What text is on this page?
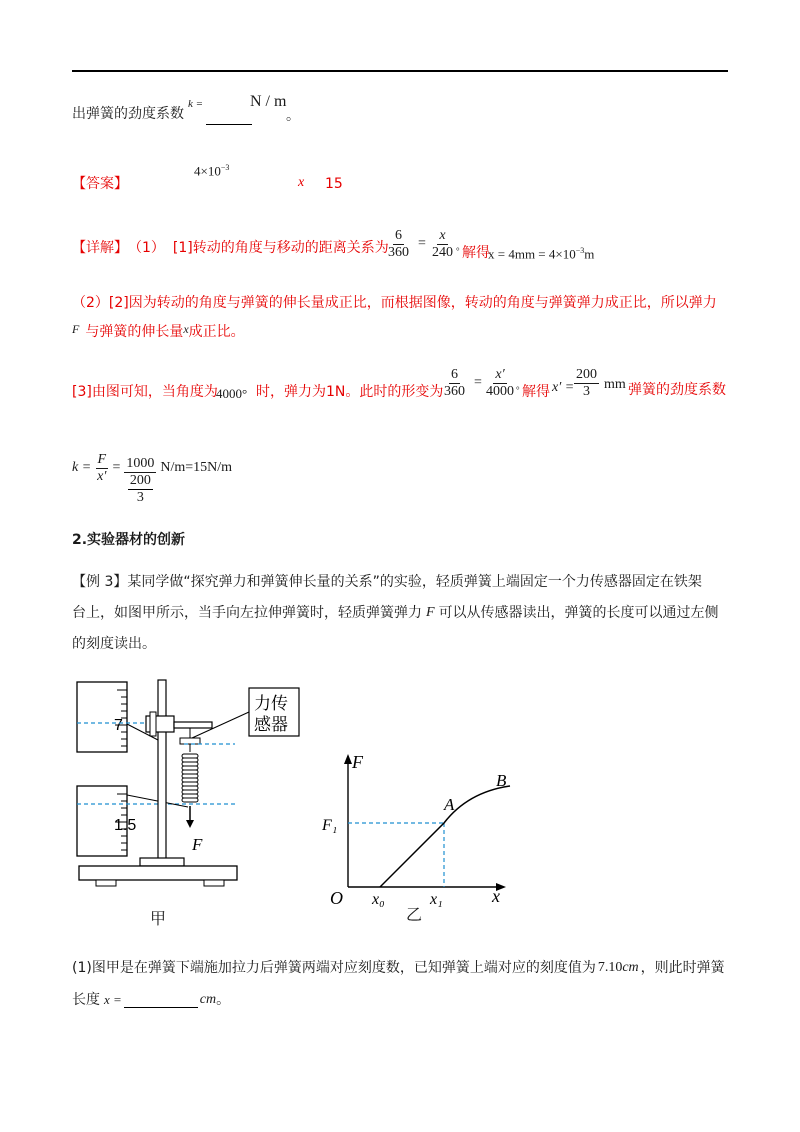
出弹簧的劲度系数
k =	N / m
。
【答案】
$4\times 10^{-3}$
x 15
【详解】 （1） [1]转动的角度与移动的距离关系为
$\frac{6}{360} = \frac{x}{240}$ ° 解得
$x = 4mm = 4\times 10^{-3}m$
（2）[2]因为转动的角度与弹簧的伸长量成正比，而根据图像，转动的角度与弹簧弹力成正比，所以弹力
F 与弹簧的伸长量 x 成正比。
[3]由图可知，当角度为
4000° 时，弹力为1N。此时的形变为
$\frac{6}{360} = \frac{x'}{4000}$ ° 解得 $x' = \frac{200}{3}$ mm 弹簧的劲度系数
$k = \frac{F}{x'} = 1000$
200
3 N/m=15N/m
2.实验器材的创新
【例 3】某同学做“探究弹力和弹簧伸长量的关系”的实验，轻质弹簧上端固定一个力传感器固定在铁架
台上，如图甲所示，当手向左拉伸弹簧时，轻质弹簧弹力 F 可以从传感器读出，弹簧的长度可以通过左侧
的刻度读出。
7
1.5
力传
感器
F
甲
F
x
O x₀	x₁
F₁
A
B
乙
(1)图甲是在弹簧下端施加拉力后弹簧两端对应刻度数，已知弹簧上端对应的刻度值为 7.10cm ，则此时弹簧
长度 x =	cm 。
